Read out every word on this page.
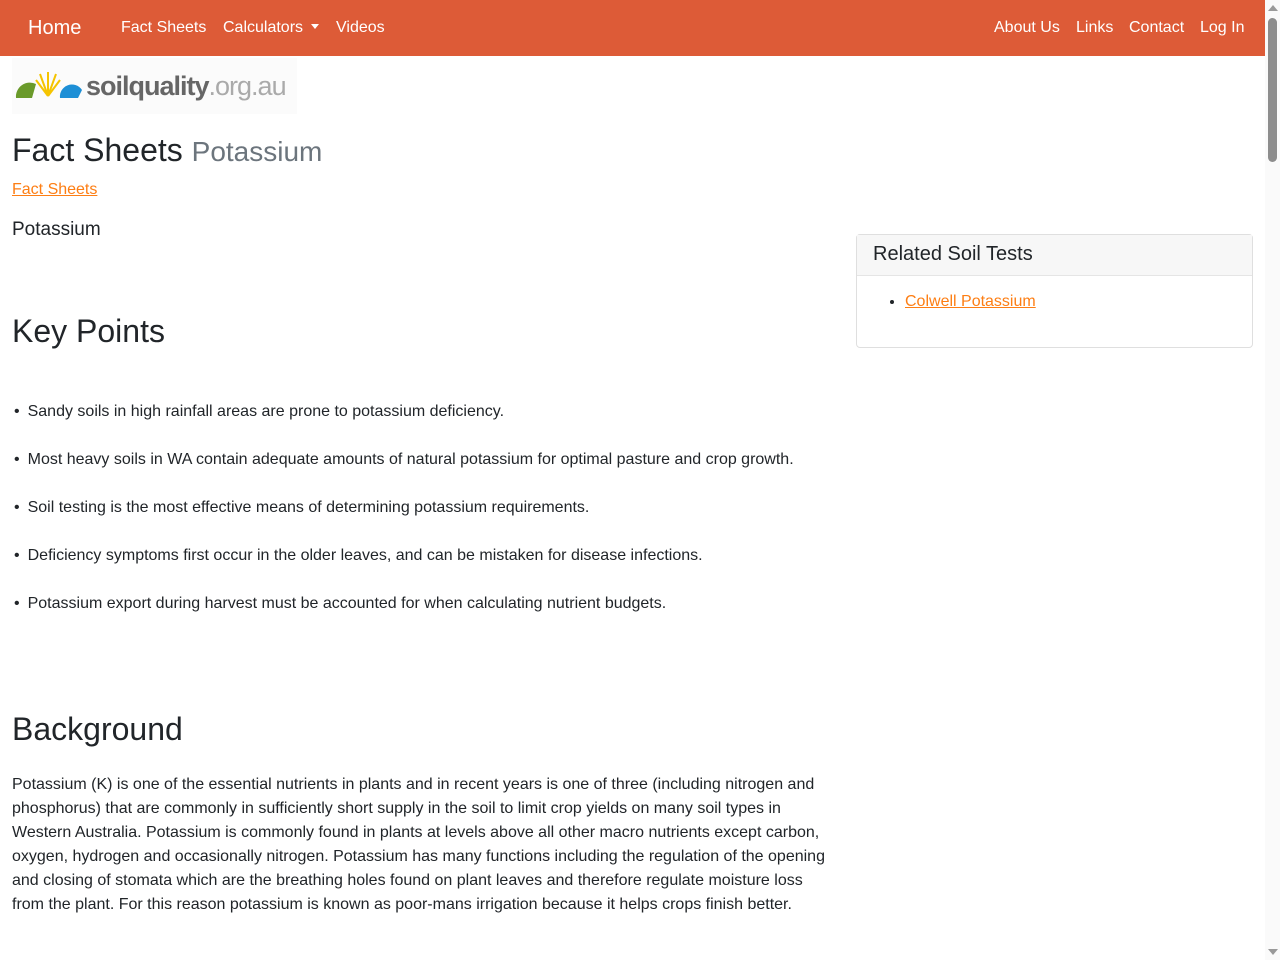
Home Fact Sheets Calculators	Videos	About Us Links Contact Log In
soilquality.org.au
Fact Sheets Potassium
Fact Sheets
Potassium
Key Points
• Sandy soils in high rainfall areas are prone to potassium deficiency.
• Most heavy soils in WA contain adequate amounts of natural potassium for optimal pasture and crop growth.
• Soil testing is the most effective means of determining potassium requirements.
• Deficiency symptoms first occur in the older leaves, and can be mistaken for disease infections.
• Potassium export during harvest must be accounted for when calculating nutrient budgets.
Background

Potassium (K) is one of the essential nutrients in plants and in recent years is one of three (including nitrogen and phosphorus) that are commonly in sufficiently short supply in the soil to limit crop yields on many soil types in Western Australia. Potassium is commonly found in plants at levels above all other macro nutrients except carbon, oxygen, hydrogen and occasionally nitrogen. Potassium has many functions including the regulation of the opening and closing of stomata which are the breathing holes found on plant leaves and therefore regulate moisture loss from the plant. For this reason potassium is known as poor-mans irrigation because it helps crops finish better.

Related Soil Tests
• Colwell Potassium
